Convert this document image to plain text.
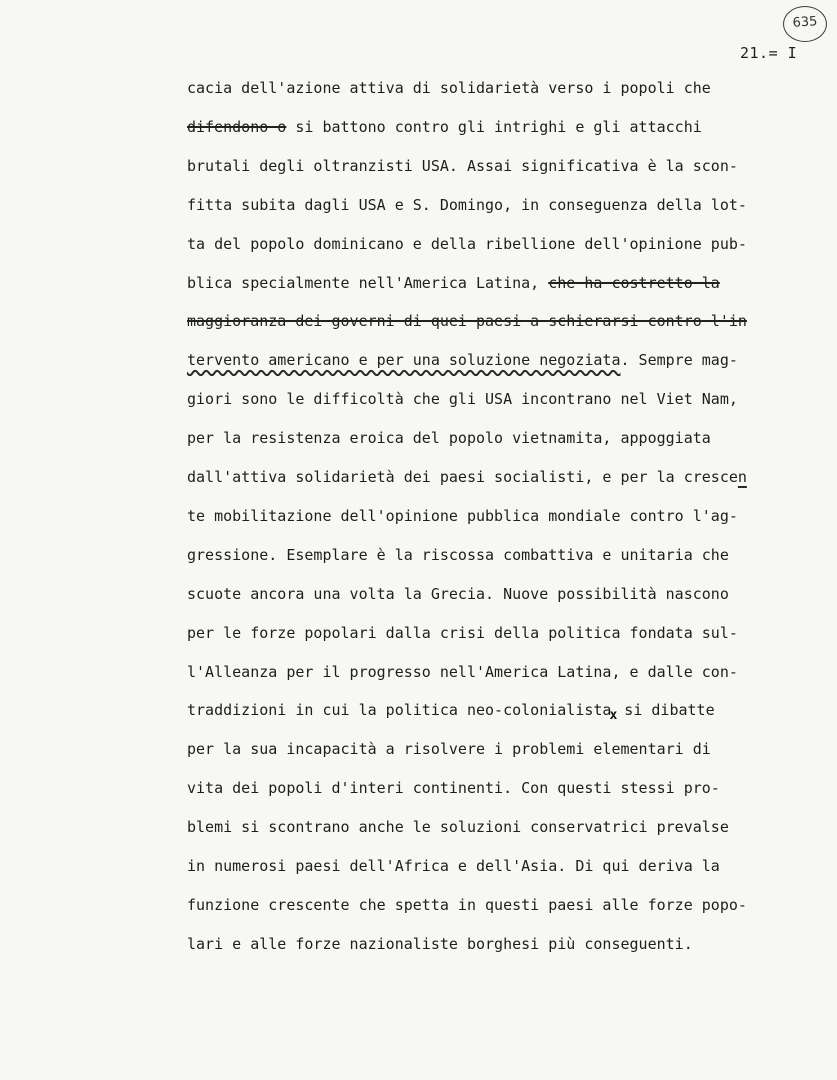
635
21.= I
cacia dell'azione attiva di solidarietà verso i popoli che
difendono o si battono contro gli intrighi e gli attacchi
brutali degli oltranzisti USA. Assai significativa è la scon-
fitta subita dagli USA e S. Domingo, in conseguenza della lot-
ta del popolo dominicano e della ribellione dell'opinione pub-
blica specialmente nell'America Latina, che ha costretto la
maggioranza dei governi di quei paesi a schierarsi contro l'in
tervento americano e per una soluzione negoziata. Sempre mag-
giori sono le difficoltà che gli USA incontrano nel Viet Nam,
per la resistenza eroica del popolo vietnamita, appoggiata
dall'attiva solidarietà dei paesi socialisti, e per la crescen
te mobilitazione dell'opinione pubblica mondiale contro l'ag-
gressione. Esemplare è la riscossa combattiva e unitaria che
scuote ancora una volta la Grecia. Nuove possibilità nascono
per le forze popolari dalla crisi della politica fondata sul-
l'Alleanza per il progresso nell'America Latina, e dalle con-
traddizioni in cui la politica neo-colonialistax si dibatte
per la sua incapacità a risolvere i problemi elementari di
vita dei popoli d'interi continenti. Con questi stessi pro-
blemi si scontrano anche le soluzioni conservatrici prevalse
in numerosi paesi dell'Africa e dell'Asia. Di qui deriva la
funzione crescente che spetta in questi paesi alle forze popo-
lari e alle forze nazionaliste borghesi più conseguenti.
